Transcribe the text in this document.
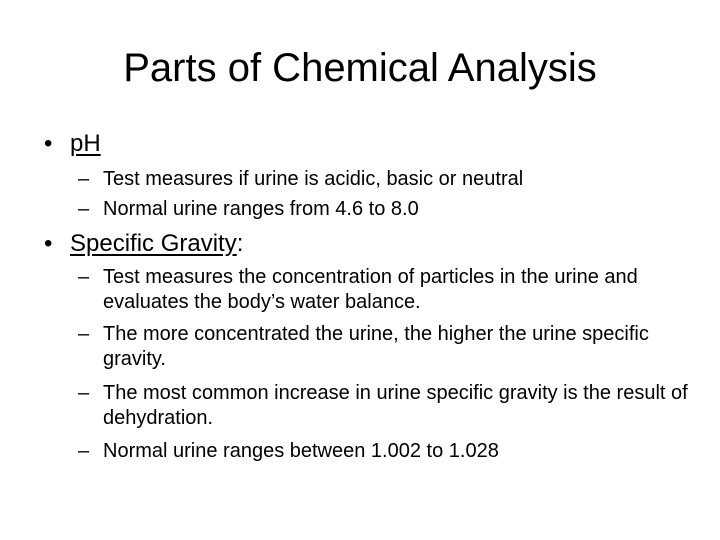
Parts of Chemical Analysis
• pH
– Test measures if urine is acidic, basic or neutral
– Normal urine ranges from 4.6 to 8.0
• Specific Gravity:
– Test measures the concentration of particles in the urine and evaluates the body’s water balance.
– The more concentrated the urine, the higher the urine specific gravity.
– The most common increase in urine specific gravity is the result of dehydration.
– Normal urine ranges between 1.002 to 1.028
